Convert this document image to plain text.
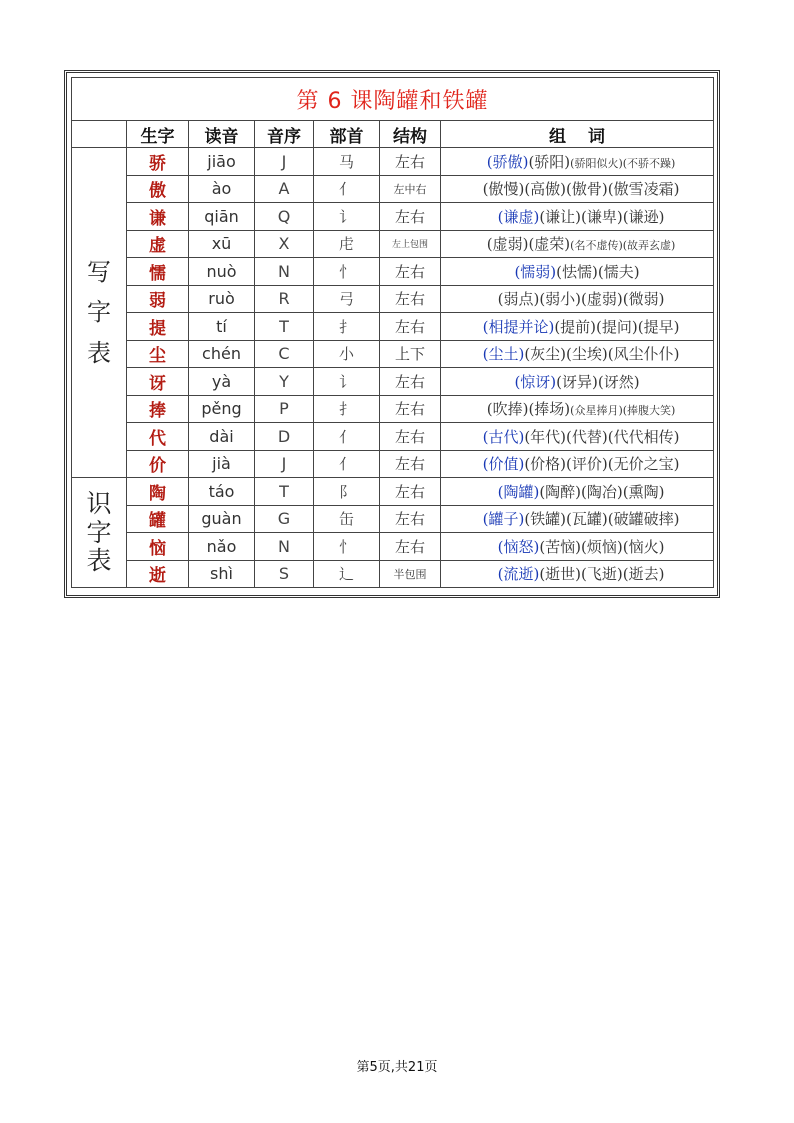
第 6 课陶罐和铁罐						
	生字	读音	音序	部首	结构	组词

写
字
表	骄	jiāo	J	马	左右	(骄傲)(骄阳)(骄阳似火)(不骄不躁)
	傲	ào	A	亻	左中右	(傲慢)(高傲)(傲骨)(傲雪凌霜)
	谦	qiān	Q	讠	左右	(谦虚)(谦让)(谦卑)(谦逊)
	虚	xū	X	虍	左上包围	(虚弱)(虚荣)(名不虚传)(故弄玄虚)
	懦	nuò	N	忄	左右	(懦弱)(怯懦)(懦夫)
	弱	ruò	R	弓	左右	(弱点)(弱小)(虚弱)(微弱)
	提	tí	T	扌	左右	(相提并论)(提前)(提问)(提早)
	尘	chén	C	小	上下	(尘土)(灰尘)(尘埃)(风尘仆仆)
	讶	yà	Y	讠	左右	(惊讶)(讶异)(讶然)
	捧	pěng	P	扌	左右	(吹捧)(捧场)(众星捧月)(捧腹大笑)
	代	dài	D	亻	左右	(古代)(年代)(代替)(代代相传)
	价	jià	J	亻	左右	(价值)(价格)(评价)(无价之宝)

识
字
表	陶	táo	T	阝	左右	(陶罐)(陶醉)(陶冶)(熏陶)
	罐	guàn	G	缶	左右	(罐子)(铁罐)(瓦罐)(破罐破摔)
	恼	nǎo	N	忄	左右	(恼怒)(苦恼)(烦恼)(恼火)
	逝	shì	S	辶	半包围	(流逝)(逝世)(飞逝)(逝去)
第5页,共21页
